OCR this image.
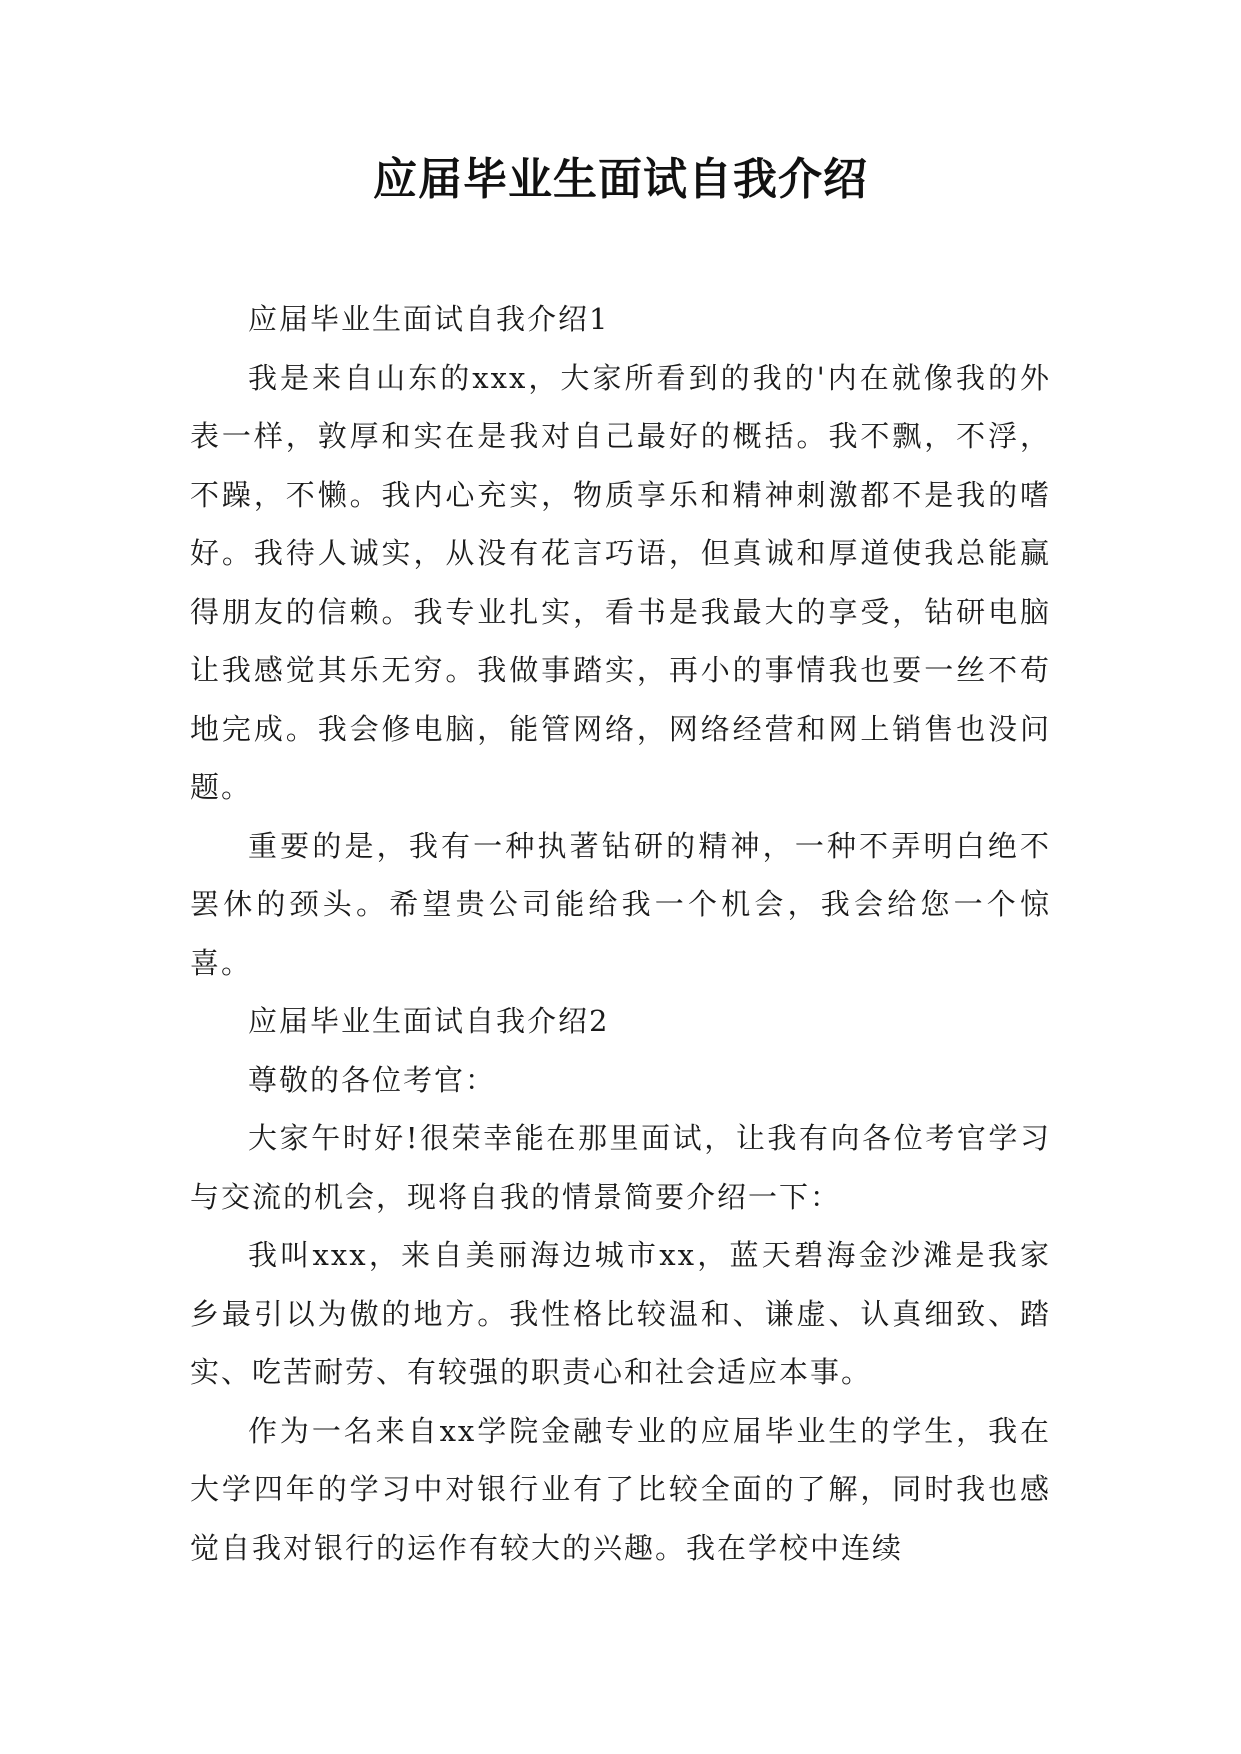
应届毕业生面试自我介绍

应届毕业生面试自我介绍1

我是来自山东的xxx，大家所看到的我的'内在就像我的外表一样，敦厚和实在是我对自己最好的概括。我不飘，不浮，不躁，不懒。我内心充实，物质享乐和精神刺激都不是我的嗜好。我待人诚实，从没有花言巧语，但真诚和厚道使我总能赢得朋友的信赖。我专业扎实，看书是我最大的享受，钻研电脑让我感觉其乐无穷。我做事踏实，再小的事情我也要一丝不苟地完成。我会修电脑，能管网络，网络经营和网上销售也没问题。

重要的是，我有一种执著钻研的精神，一种不弄明白绝不罢休的颈头。希望贵公司能给我一个机会，我会给您一个惊喜。

应届毕业生面试自我介绍2

尊敬的各位考官：

大家午时好!很荣幸能在那里面试，让我有向各位考官学习与交流的机会，现将自我的情景简要介绍一下：

我叫xxx，来自美丽海边城市xx，蓝天碧海金沙滩是我家乡最引以为傲的地方。我性格比较温和、谦虚、认真细致、踏实、吃苦耐劳、有较强的职责心和社会适应本事。

作为一名来自xx学院金融专业的应届毕业生的学生，我在大学四年的学习中对银行业有了比较全面的了解，同时我也感觉自我对银行的运作有较大的兴趣。我在学校中连续
